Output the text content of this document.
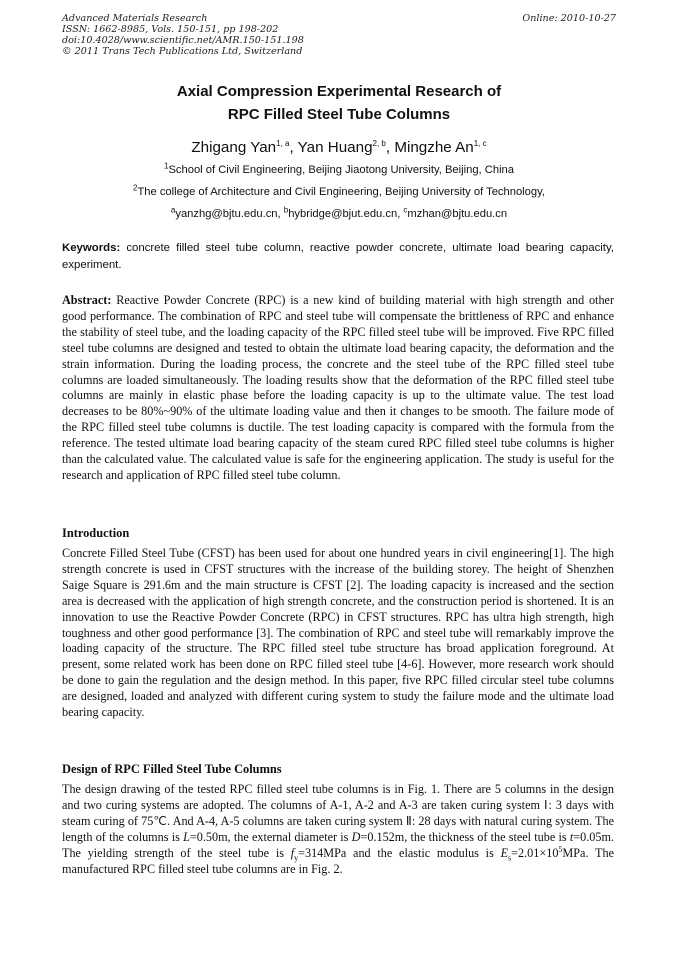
Advanced Materials Research
ISSN: 1662-8985, Vols. 150-151, pp 198-202
doi:10.4028/www.scientific.net/AMR.150-151.198
© 2011 Trans Tech Publications Ltd, Switzerland
Online: 2010-10-27
Axial Compression Experimental Research of
RPC Filled Steel Tube Columns
Zhigang Yan$^{1, a}$, Yan Huang$^{2, b}$, Mingzhe An$^{1, c}$
$^1$School of Civil Engineering, Beijing Jiaotong University, Beijing, China
$^2$The college of Architecture and Civil Engineering, Beijing University of Technology,
$^a$yanzhg@bjtu.edu.cn, $^b$hybridge@bjut.edu.cn, $^c$mzhan@bjtu.edu.cn
Keywords: concrete filled steel tube column, reactive powder concrete, ultimate load bearing capacity, experiment.
Abstract: Reactive Powder Concrete (RPC) is a new kind of building material with high strength and other good performance. The combination of RPC and steel tube will compensate the brittleness of RPC and enhance the stability of steel tube, and the loading capacity of the RPC filled steel tube will be improved. Five RPC filled steel tube columns are designed and tested to obtain the ultimate load bearing capacity, the deformation and the strain information. During the loading process, the concrete and the steel tube of the RPC filled steel tube columns are loaded simultaneously. The loading results show that the deformation of the RPC filled steel tube columns are mainly in elastic phase before the loading capacity is up to the ultimate value. The test load decreases to be 80%~90% of the ultimate loading value and then it changes to be smooth. The failure mode of the RPC filled steel tube columns is ductile. The test loading capacity is compared with the formula from the reference. The tested ultimate load bearing capacity of the steam cured RPC filled steel tube columns is higher than the calculated value. The calculated value is safe for the engineering application. The study is useful for the research and application of RPC filled steel tube column.
Introduction
Concrete Filled Steel Tube (CFST) has been used for about one hundred years in civil engineering[1]. The high strength concrete is used in CFST structures with the increase of the building storey. The height of Shenzhen Saige Square is 291.6m and the main structure is CFST [2]. The loading capacity is increased and the section area is decreased with the application of high strength concrete, and the construction period is shortened. It is an innovation to use the Reactive Powder Concrete (RPC) in CFST structures. RPC has ultra high strength, high toughness and other good performance [3]. The combination of RPC and steel tube will remarkably improve the loading capacity of the structure. The RPC filled steel tube structure has broad application foreground. At present, some related work has been done on RPC filled steel tube [4-6]. However, more research work should be done to gain the regulation and the design method. In this paper, five RPC filled circular steel tube columns are designed, loaded and analyzed with different curing system to study the failure mode and the ultimate load bearing capacity.
Design of RPC Filled Steel Tube Columns
The design drawing of the tested RPC filled steel tube columns is in Fig. 1. There are 5 columns in the design and two curing systems are adopted. The columns of A-1, A-2 and A-3 are taken curing system Ⅰ: 3 days with steam curing of 75℃. And A-4, A-5 columns are taken curing system Ⅱ: 28 days with natural curing system. The length of the columns is L=0.50m, the external diameter is D=0.152m, the thickness of the steel tube is t=0.05m. The yielding strength of the steel tube is $f_y=314MPa$ and the elastic modulus is $E_s=2.01\times 10^5MPa$. The manufactured RPC filled steel tube columns are in Fig. 2.
